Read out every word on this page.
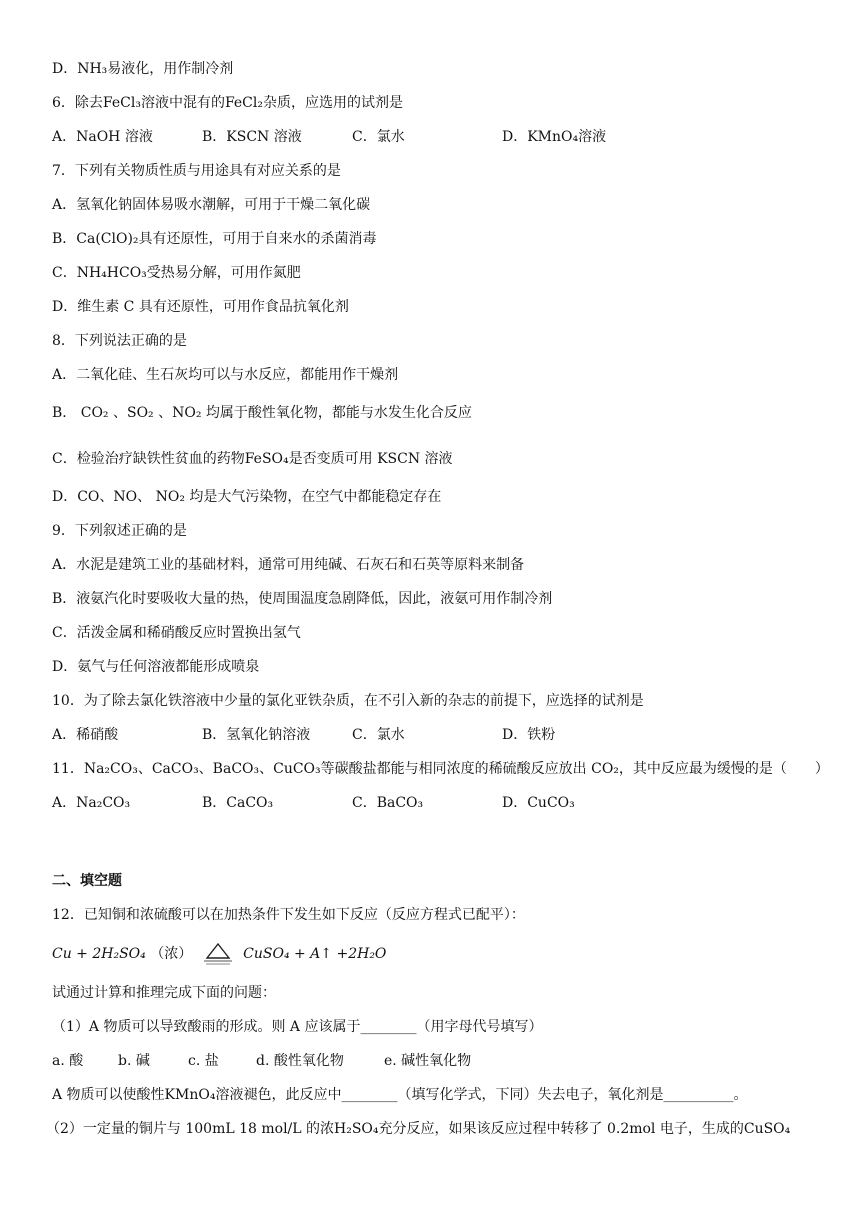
D．NH₃易液化，用作制冷剂
6．除去FeCl₃溶液中混有的FeCl₂杂质，应选用的试剂是
A．NaOH 溶液	B．KSCN 溶液	C．氯水	D．KMnO₄溶液
7．下列有关物质性质与用途具有对应关系的是
A．氢氧化钠固体易吸水潮解，可用于干燥二氧化碳
B．Ca(ClO)₂具有还原性，可用于自来水的杀菌消毒
C．NH₄HCO₃受热易分解，可用作氮肥
D．维生素 C 具有还原性，可用作食品抗氧化剂
8．下列说法正确的是
A．二氧化硅、生石灰均可以与水反应，都能用作干燥剂
B． CO₂ 、SO₂ 、NO₂ 均属于酸性氧化物，都能与水发生化合反应
C．检验治疗缺铁性贫血的药物FeSO₄是否变质可用 KSCN 溶液
D．CO、NO、 NO₂ 均是大气污染物，在空气中都能稳定存在
9．下列叙述正确的是
A．水泥是建筑工业的基础材料，通常可用纯碱、石灰石和石英等原料来制备
B．液氨汽化时要吸收大量的热，使周围温度急剧降低，因此，液氨可用作制冷剂
C．活泼金属和稀硝酸反应时置换出氢气
D．氨气与任何溶液都能形成喷泉
10．为了除去氯化铁溶液中少量的氯化亚铁杂质，在不引入新的杂志的前提下，应选择的试剂是
A．稀硝酸	B．氢氧化钠溶液	C．氯水	D．铁粉
11．Na₂CO₃、CaCO₃、BaCO₃、CuCO₃等碳酸盐都能与相同浓度的稀硫酸反应放出 CO₂，其中反应最为缓慢的是（　　）
A．Na₂CO₃	B．CaCO₃	C．BaCO₃	D．CuCO₃
二、填空题
12．已知铜和浓硫酸可以在加热条件下发生如下反应（反应方程式已配平）：
Cu + 2H₂SO₄ （浓）	CuSO₄ + A↑ +2H₂O
试通过计算和推理完成下面的问题：
（1）A 物质可以导致酸雨的形成。则 A 应该属于________（用字母代号填写）
a. 酸 b. 碱	c. 盐	d. 酸性氧化物	e. 碱性氧化物
A 物质可以使酸性KMnO₄溶液褪色，此反应中________（填写化学式，下同）失去电子，氧化剂是__________。
（2）一定量的铜片与 100mL 18 mol/L 的浓H₂SO₄充分反应，如果该反应过程中转移了 0.2mol 电子，生成的CuSO₄
